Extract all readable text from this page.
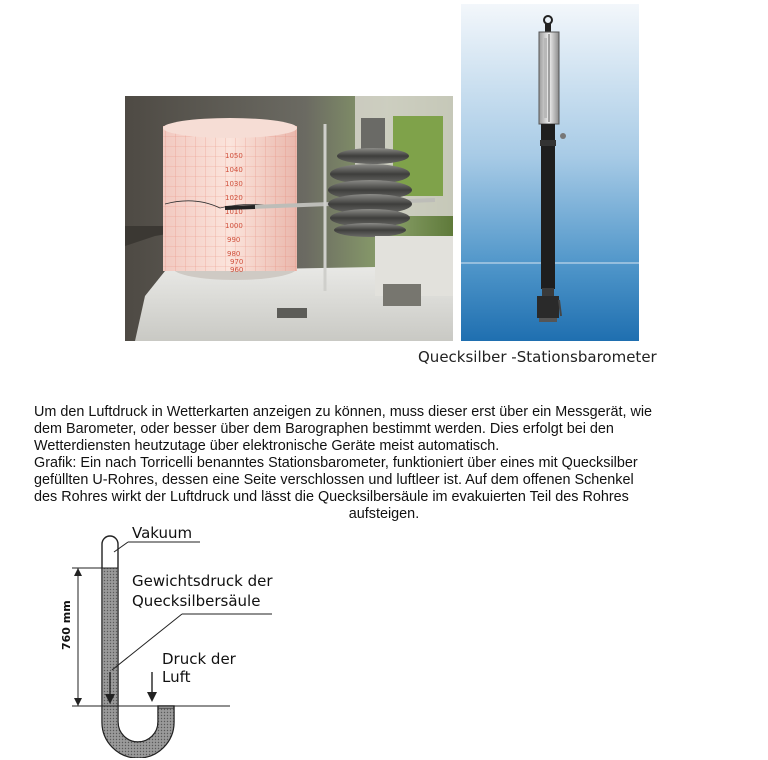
1050
1040
1030
1020
1010
1000
990
980
970
960
Quecksilber -Stationsbarometer

Um den Luftdruck in Wetterkarten anzeigen zu können, muss dieser erst über ein Messgerät, wie

dem Barometer, oder besser über dem Barographen bestimmt werden. Dies erfolgt bei den

Wetterdiensten heutzutage über elektronische Geräte meist automatisch.

Grafik: Ein nach Torricelli benanntes Stationsbarometer, funktioniert über eines mit Quecksilber

gefüllten U-Rohres, dessen eine Seite verschlossen und luftleer ist. Auf dem offenen Schenkel

des Rohres wirkt der Luftdruck und lässt die Quecksilbersäule im evakuierten Teil des Rohres

aufsteigen.

Vakuum
Gewichtsdruck der
Quecksilbersäule
Druck der
Luft
760 mm
